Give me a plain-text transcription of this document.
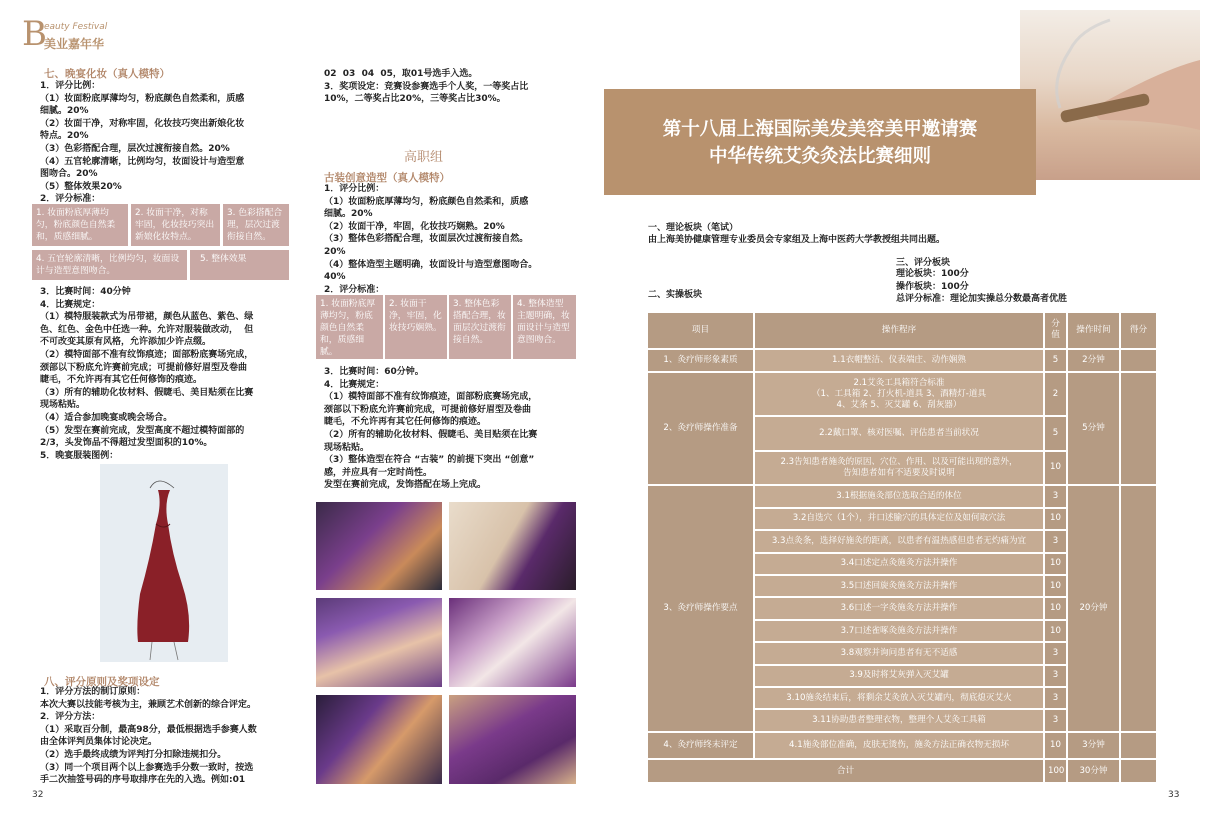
B
eauty Festival
美业嘉年华
七、晚宴化妆（真人模特）
1．评分比例：
（1）妆面粉底厚薄均匀，粉底颜色自然柔和，质感
细腻。20%
（2）妆面干净，对称牢固，化妆技巧突出新娘化妆
特点。20%
（3）色彩搭配合理，层次过渡衔接自然。20%
（4）五官轮廓清晰，比例均匀，妆面设计与造型意
图吻合。20%
（5）整体效果20%
2．评分标准：
1. 妆面粉底厚薄均匀，粉底颜色自然柔和，质感细腻。
2. 妆面干净，对称牢固，化妆技巧突出新娘化妆特点。
3. 色彩搭配合理，层次过渡衔接自然。
4. 五官轮廓清晰，比例均匀，妆面设计与造型意图吻合。
5. 整体效果
3．比赛时间：40分钟
4．比赛规定：
（1）模特服装款式为吊带裙，颜色从蓝色、紫色、绿
色、红色、金色中任选一种。允许对服装做改动，  但
不可改变其原有风格，允许添加少许点缀。
（2）模特面部不准有纹饰痕迹；面部粉底赛场完成，
颈部以下粉底允许赛前完成；可提前修好眉型及卷曲
睫毛，不允许再有其它任何修饰的痕迹。
（3）所有的辅助化妆材料、假睫毛、美目贴须在比赛
现场粘贴。
（4）适合参加晚宴或晚会场合。
（5）发型在赛前完成，发型高度不超过模特面部的
2/3，头发饰品不得超过发型面积的10%。
5．晚宴服装图例：
八、评分原则及奖项设定
1．评分方法的制订原则：
本次大赛以技能考核为主，兼顾艺术创新的综合评定。
2．评分方法：
（1）采取百分制，最高98分，最低根据选手参赛人数
由全体评判员集体讨论决定。
（2）选手最终成绩为评判打分扣除违规扣分。
（3）同一个项目两个以上参赛选手分数一致时，按选
手二次抽签号码的序号取排序在先的入选。例如:01
32
02  03  04  05，取01号选手入选。
3．奖项设定：竞赛设参赛选手个人奖，一等奖占比
10%，二等奖占比20%，三等奖占比30%。
高职组
古装创意造型（真人模特）
1．评分比例：
（1）妆面粉底厚薄均匀，粉底颜色自然柔和，质感
细腻。20%
（2）妆面干净，牢固，化妆技巧娴熟。20%
（3）整体色彩搭配合理，妆面层次过渡衔接自然。
20%
（4）整体造型主题明确，妆面设计与造型意图吻合。
40%
2．评分标准：
1. 妆面粉底厚薄均匀，粉底颜色自然柔和，质感细腻。
2. 妆面干净，牢固，化妆技巧娴熟。
3. 整体色彩搭配合理，妆面层次过渡衔接自然。
4. 整体造型主题明确，妆面设计与造型意图吻合。
3．比赛时间：60分钟。
4．比赛规定：
（1）模特面部不准有纹饰痕迹，面部粉底赛场完成，
颈部以下粉底允许赛前完成，可提前修好眉型及卷曲
睫毛，不允许再有其它任何修饰的痕迹。
（2）所有的辅助化妆材料、假睫毛、美目贴须在比赛
现场粘贴。
（3）整体造型在符合 “古装” 的前提下突出 “创意”
感，并应具有一定时尚性。
发型在赛前完成，发饰搭配在场上完成。
第十八届上海国际美发美容美甲邀请赛
中华传统艾灸灸法比赛细则
一、理论板块（笔试）
由上海美协健康管理专业委员会专家组及上海中医药大学教授组共同出题。
三、评分板块
理论板块：100分
操作板块：100分
总评分标准：理论加实操总分数最高者优胜
二、实操板块
项目	操作程序	分值	操作时间	得分
1、灸疗师形象素质	1.1衣帽整洁、仪表端庄、动作娴熟	5	2分钟	
2、灸疗师操作准备	2.1艾灸工具箱符合标准
（1、工具箱 2、打火机-道具 3、酒精灯-道具
4、艾条 5、灭艾罐 6、刮灰器）	2	5分钟	
	2.2戴口罩、核对医嘱、评估患者当前状况	5		
	2.3告知患者施灸的原因、穴位、作用、以及可能出现的意外，
告知患者如有不适要及时说明	10		
3、灸疗师操作要点	3.1根据施灸部位选取合适的体位	3	20分钟	
	3.2自选穴（1个），并口述腧穴的具体定位及如何取穴法	10		
	3.3点灸条，选择好施灸的距离，以患者有温热感但患者无灼痛为宜	3		
	3.4口述定点灸施灸方法并操作	10		
	3.5口述回旋灸施灸方法并操作	10		
	3.6口述一字灸施灸方法并操作	10		
	3.7口述雀啄灸施灸方法并操作	10		
	3.8观察并询问患者有无不适感	3		
	3.9及时将艾灰弹入灭艾罐	3		
	3.10施灸结束后，将剩余艾灸放入灭艾罐内，彻底熄灭艾火	3		
	3.11协助患者整理衣物，整理个人艾灸工具箱	3		
4、灸疗师终末评定	4.1施灸部位准确，皮肤无烫伤，施灸方法正确衣物无损坏	10	3分钟	
合计		100	30分钟	
33
